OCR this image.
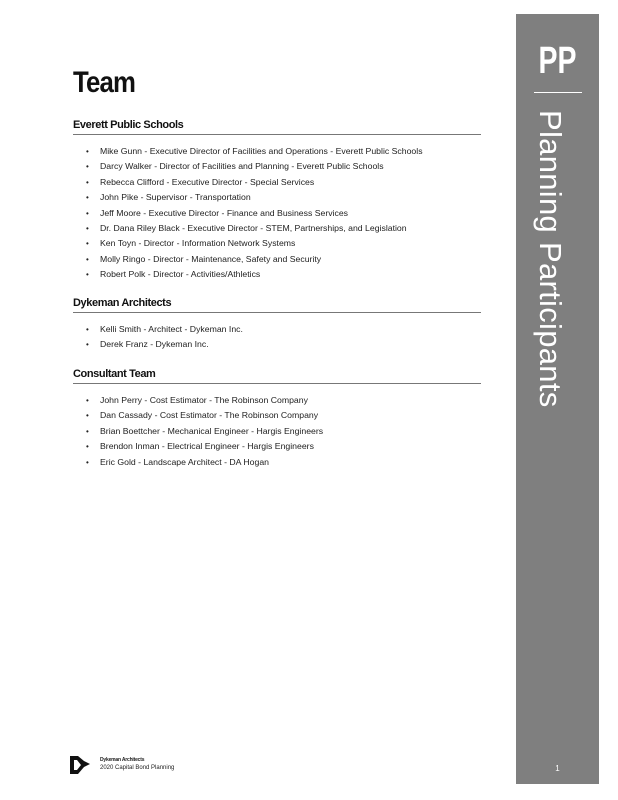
Team
Everett Public Schools
• Mike Gunn - Executive Director of Facilities and Operations - Everett Public Schools
• Darcy Walker - Director of Facilities and Planning - Everett Public Schools
• Rebecca Clifford - Executive Director - Special Services
• John Pike - Supervisor - Transportation
• Jeff Moore - Executive Director - Finance and Business Services
• Dr. Dana Riley Black - Executive Director - STEM, Partnerships, and Legislation
• Ken Toyn - Director - Information Network Systems
• Molly Ringo - Director - Maintenance, Safety and Security
• Robert Polk - Director - Activities/Athletics
Dykeman Architects
• Kelli Smith - Architect - Dykeman Inc.
• Derek Franz - Dykeman Inc.
Consultant Team
• John Perry - Cost Estimator - The Robinson Company
• Dan Cassady - Cost Estimator - The Robinson Company
• Brian Boettcher - Mechanical Engineer - Hargis Engineers
• Brendon Inman - Electrical Engineer - Hargis Engineers
• Eric Gold - Landscape Architect - DA Hogan
PP
Planning Participants
1
Dykeman Architects
2020 Capital Bond Planning
